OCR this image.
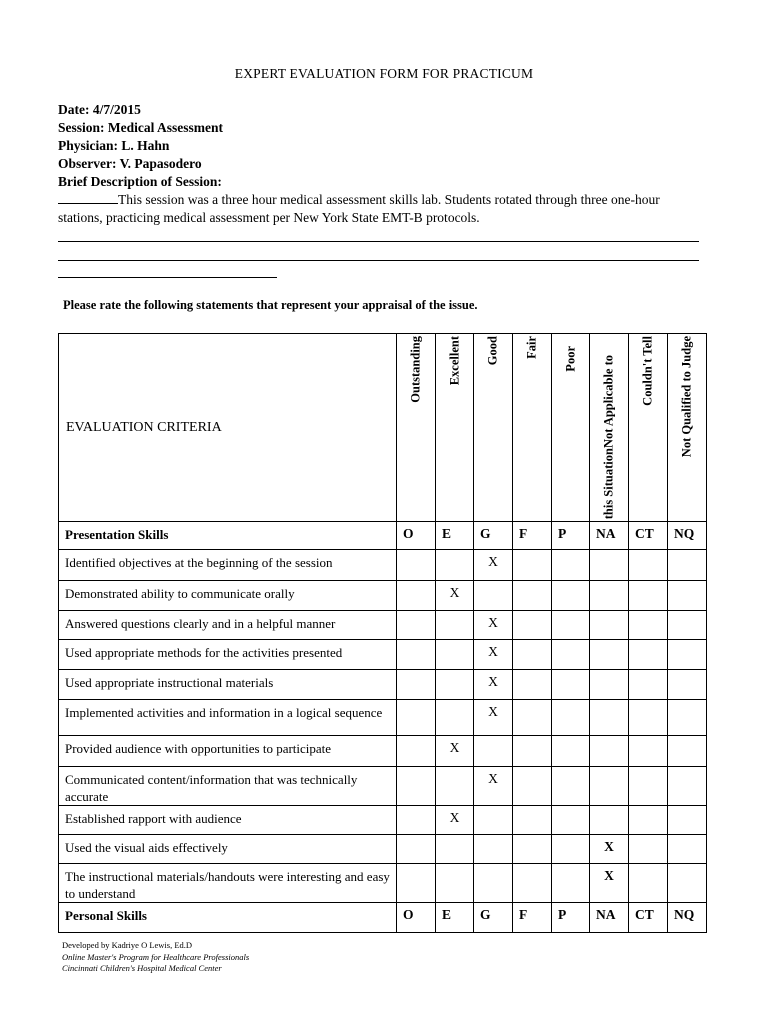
EXPERT EVALUATION FORM FOR PRACTICUM
Date: 4/7/2015
Session: Medical Assessment
Physician: L. Hahn
Observer: V. Papasodero
Brief Description of Session:
This session was a three hour medical assessment skills lab. Students rotated through three one-hour stations, practicing medical assessment per New York State EMT-B protocols.
Please rate the following statements that represent your appraisal of the issue.
EVALUATION CRITERIA	Outstanding	Excellent	Good	Fair	Poor	this SituationNot Applicable to	Couldn't Tell	Not Qualified to Judge

Presentation Skills	O	E	G	F	P	NA	CT	NQ
Identified objectives at the beginning of the session			X					
Demonstrated ability to communicate orally		X						
Answered questions clearly and in a helpful manner			X					
Used appropriate methods for the activities presented			X					
Used appropriate instructional materials			X					
Implemented activities and information in a logical sequence			X					
Provided audience with opportunities to participate		X						
Communicated content/information that was technically accurate			X					
Established rapport with audience		X						
Used the visual aids effectively						X		
The instructional materials/handouts were interesting and easy to understand						X		
Personal Skills	O	E	G	F	P	NA	CT	NQ
Developed by Kadriye O Lewis, Ed.D
Online Master's Program for Healthcare Professionals
Cincinnati Children's Hospital Medical Center
